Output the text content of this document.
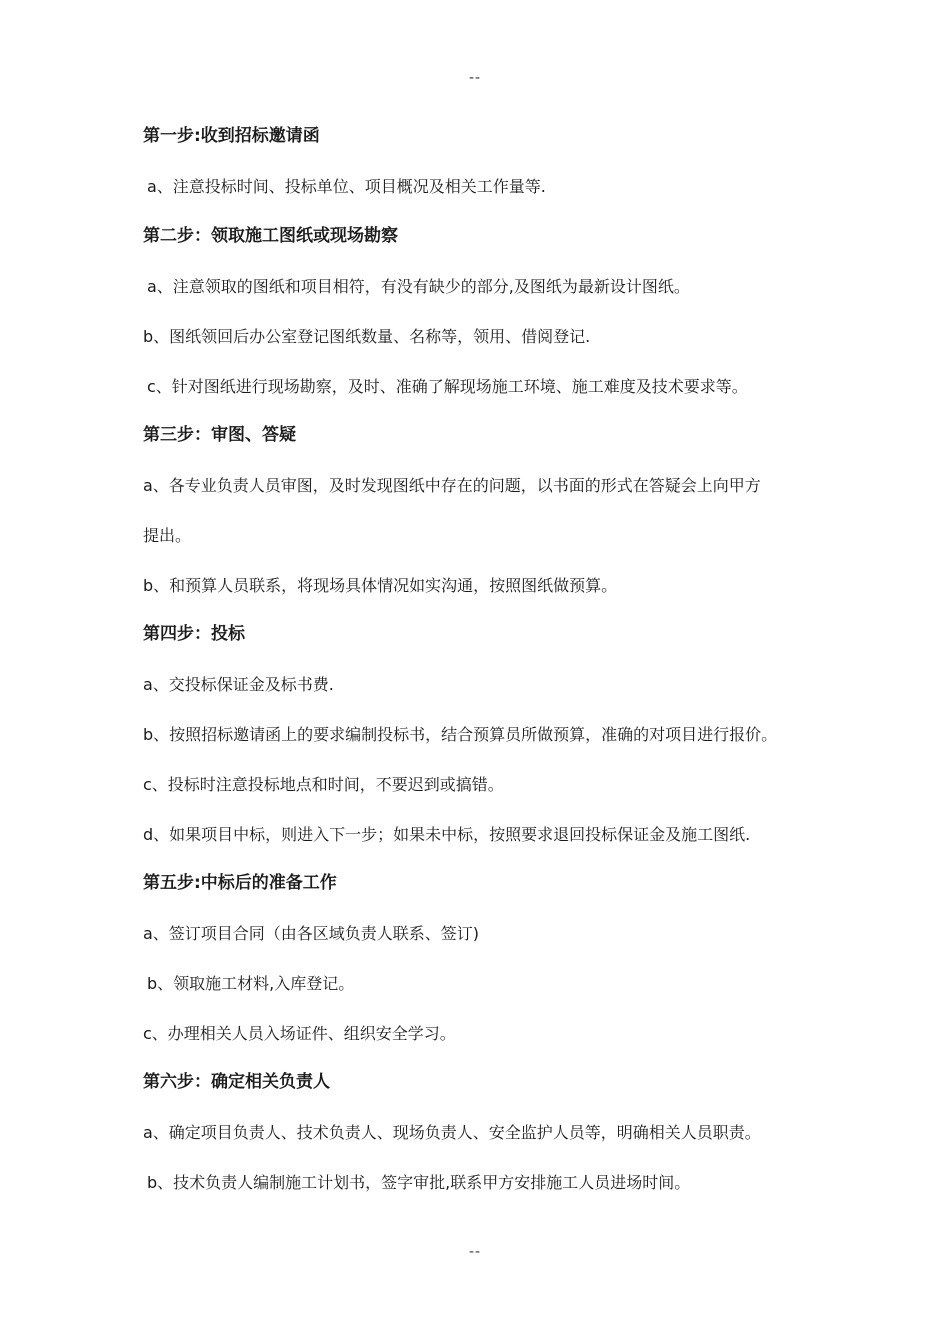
--
第一步:收到招标邀请函
a、注意投标时间、投标单位、项目概况及相关工作量等.
第二步：领取施工图纸或现场勘察
a、注意领取的图纸和项目相符，有没有缺少的部分,及图纸为最新设计图纸。
b、图纸领回后办公室登记图纸数量、名称等，领用、借阅登记.
c、针对图纸进行现场勘察，及时、准确了解现场施工环境、施工难度及技术要求等。
第三步：审图、答疑
a、各专业负责人员审图，及时发现图纸中存在的问题，以书面的形式在答疑会上向甲方
提出。
b、和预算人员联系，将现场具体情况如实沟通，按照图纸做预算。
第四步：投标
a、交投标保证金及标书费.
b、按照招标邀请函上的要求编制投标书，结合预算员所做预算，准确的对项目进行报价。
c、投标时注意投标地点和时间，不要迟到或搞错。
d、如果项目中标，则进入下一步；如果未中标，按照要求退回投标保证金及施工图纸.
第五步:中标后的准备工作
a、签订项目合同（由各区域负责人联系、签订)
b、领取施工材料,入库登记。
c、办理相关人员入场证件、组织安全学习。
第六步：确定相关负责人
a、确定项目负责人、技术负责人、现场负责人、安全监护人员等，明确相关人员职责。
b、技术负责人编制施工计划书，签字审批,联系甲方安排施工人员进场时间。
--
